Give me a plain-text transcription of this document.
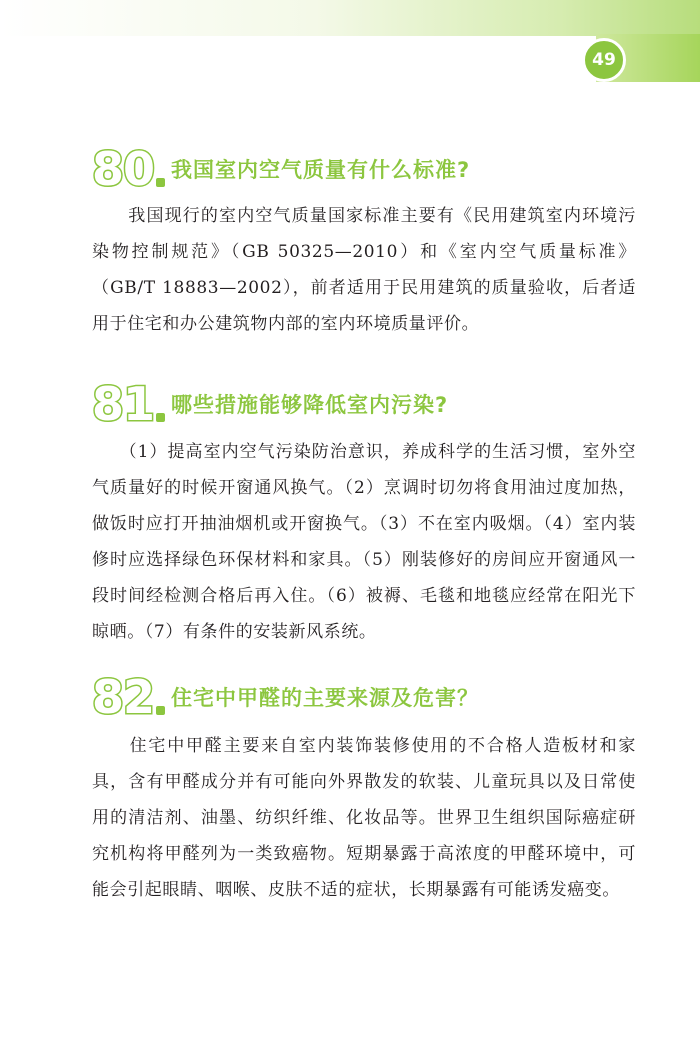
49
80 我国室内空气质量有什么标准?
　　我国现行的室内空气质量国家标准主要有《民用建筑室内环境污染物控制规范》（GB 50325—2010）和《室内空气质量标准》（GB/T 18883—2002），前者适用于民用建筑的质量验收，后者适用于住宅和办公建筑物内部的室内环境质量评价。
81 哪些措施能够降低室内污染?
　　（1）提高室内空气污染防治意识，养成科学的生活习惯，室外空气质量好的时候开窗通风换气。（2）烹调时切勿将食用油过度加热，做饭时应打开抽油烟机或开窗换气。（3）不在室内吸烟。（4）室内装修时应选择绿色环保材料和家具。（5）刚装修好的房间应开窗通风一段时间经检测合格后再入住。（6）被褥、毛毯和地毯应经常在阳光下晾晒。（7）有条件的安装新风系统。
82 住宅中甲醛的主要来源及危害？
　　住宅中甲醛主要来自室内装饰装修使用的不合格人造板材和家具，含有甲醛成分并有可能向外界散发的软装、儿童玩具以及日常使用的清洁剂、油墨、纺织纤维、化妆品等。世界卫生组织国际癌症研究机构将甲醛列为一类致癌物。短期暴露于高浓度的甲醛环境中，可能会引起眼睛、咽喉、皮肤不适的症状，长期暴露有可能诱发癌变。
